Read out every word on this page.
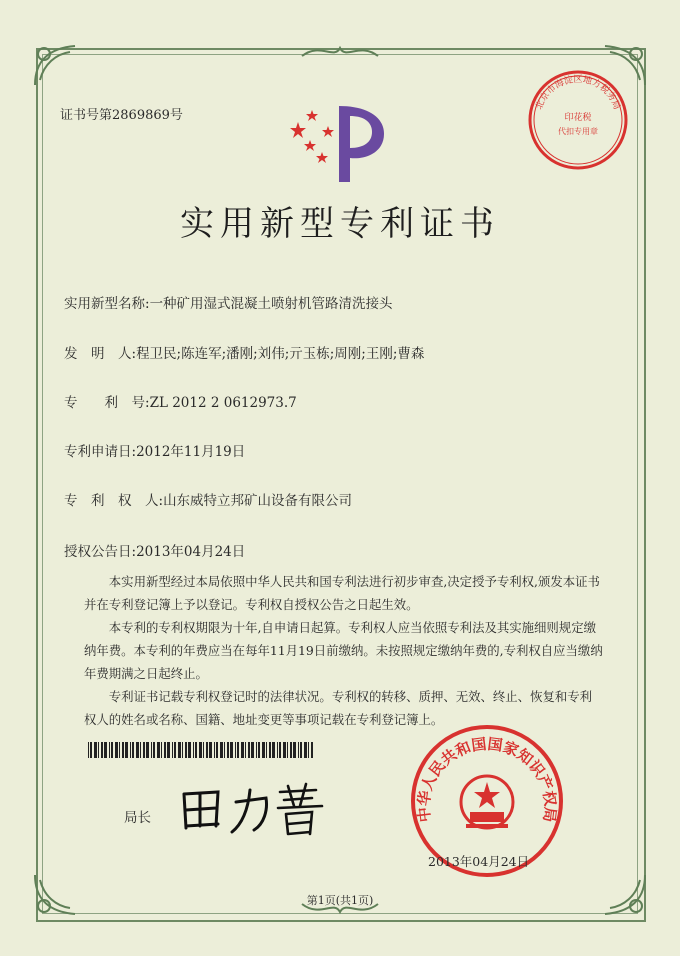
证书号第2869869号
北京市海淀区地方税务局
印花税
代扣专用章
实用新型专利证书
实用新型名称:一种矿用湿式混凝土喷射机管路清洗接头
发　明　人:程卫民;陈连军;潘刚;刘伟;亓玉栋;周刚;王刚;曹森
专　　利　号:ZL 2012 2 0612973.7
专利申请日:2012年11月19日
专　利　权　人:山东威特立邦矿山设备有限公司
授权公告日:2013年04月24日

本实用新型经过本局依照中华人民共和国专利法进行初步审查,决定授予专利权,颁发本证书并在专利登记簿上予以登记。专利权自授权公告之日起生效。

本专利的专利权期限为十年,自申请日起算。专利权人应当依照专利法及其实施细则规定缴纳年费。本专利的年费应当在每年11月19日前缴纳。未按照规定缴纳年费的,专利权自应当缴纳年费期满之日起终止。

专利证书记载专利权登记时的法律状况。专利权的转移、质押、无效、终止、恢复和专利权人的姓名或名称、国籍、地址变更等事项记载在专利登记簿上。

局长	中华人民共和国国家知识产权局
2013年04月24日
第1页(共1页)
